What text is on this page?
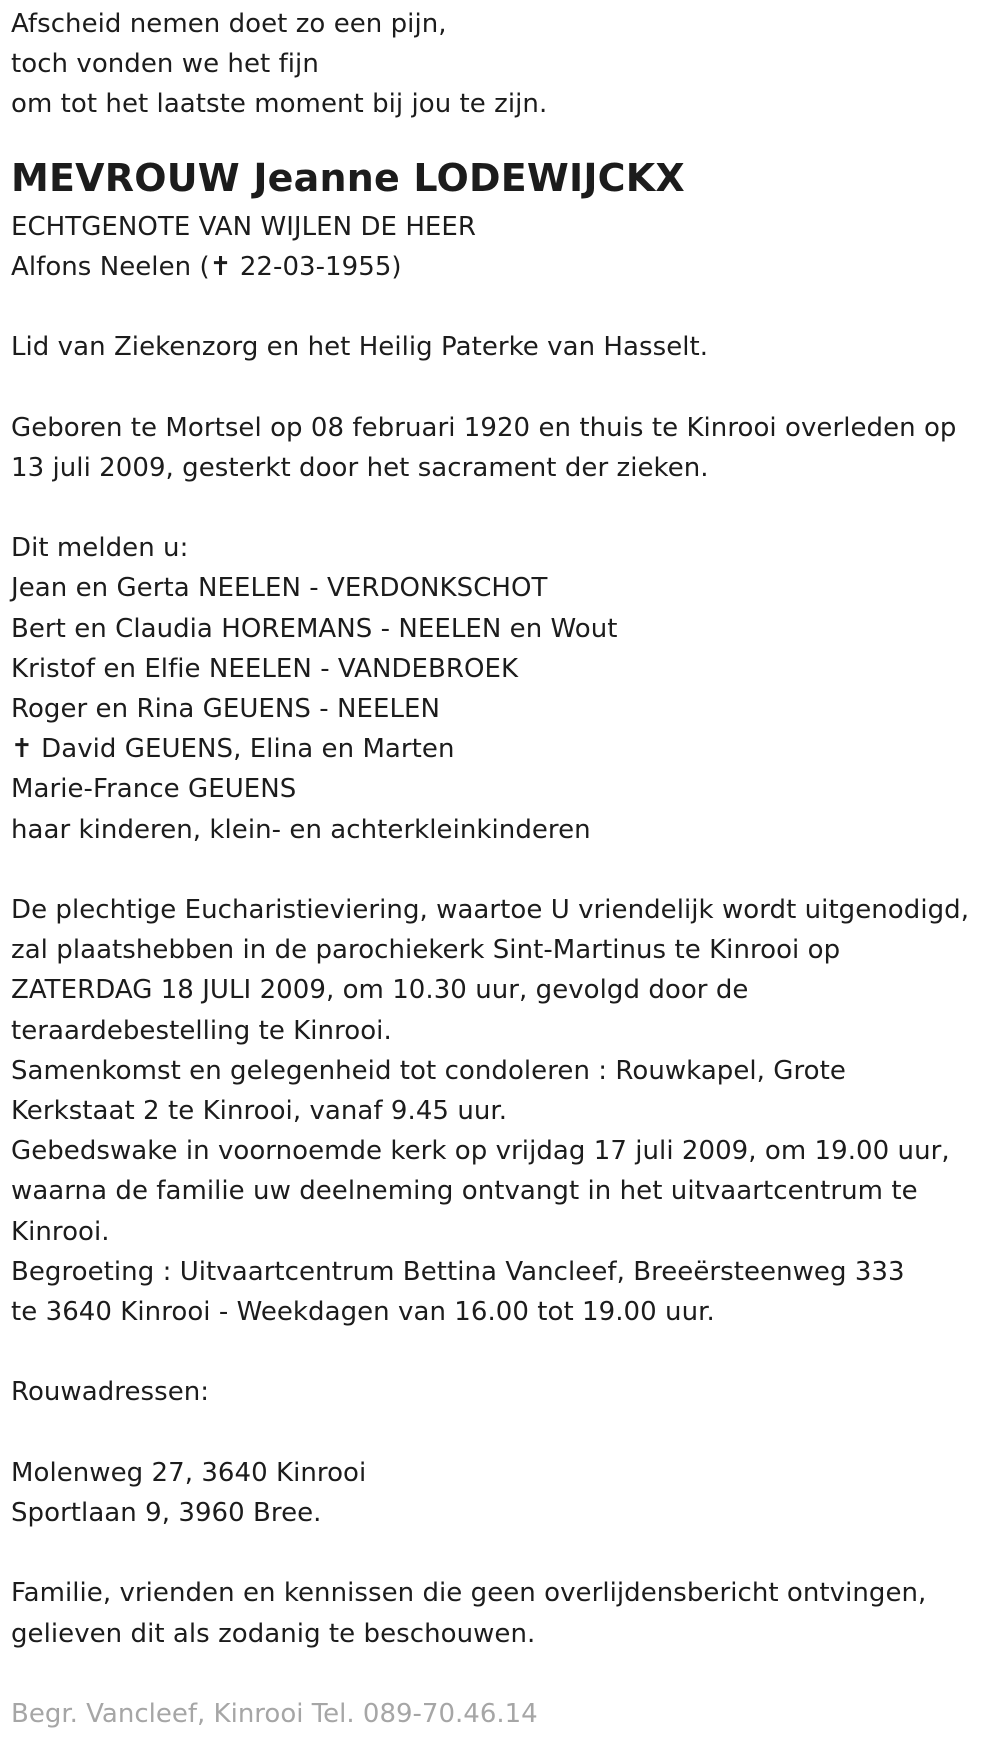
Afscheid nemen doet zo een pijn,
toch vonden we het fijn
om tot het laatste moment bij jou te zijn.
MEVROUW Jeanne LODEWIJCKX
ECHTGENOTE VAN WIJLEN DE HEER
Alfons Neelen (✝ 22-03-1955)
Lid van Ziekenzorg en het Heilig Paterke van Hasselt.
Geboren te Mortsel op 08 februari 1920 en thuis te Kinrooi overleden op
13 juli 2009, gesterkt door het sacrament der zieken.
Dit melden u:
Jean en Gerta NEELEN - VERDONKSCHOT
Bert en Claudia HOREMANS - NEELEN en Wout
Kristof en Elfie NEELEN - VANDEBROEK
Roger en Rina GEUENS - NEELEN
✝ David GEUENS, Elina en Marten
Marie-France GEUENS
haar kinderen, klein- en achterkleinkinderen
De plechtige Eucharistieviering, waartoe U vriendelijk wordt uitgenodigd,
zal plaatshebben in de parochiekerk Sint-Martinus te Kinrooi op
ZATERDAG 18 JULI 2009, om 10.30 uur, gevolgd door de
teraardebestelling te Kinrooi.
Samenkomst en gelegenheid tot condoleren : Rouwkapel, Grote
Kerkstaat 2 te Kinrooi, vanaf 9.45 uur.
Gebedswake in voornoemde kerk op vrijdag 17 juli 2009, om 19.00 uur,
waarna de familie uw deelneming ontvangt in het uitvaartcentrum te
Kinrooi.
Begroeting : Uitvaartcentrum Bettina Vancleef, Breeërsteenweg 333
te 3640 Kinrooi - Weekdagen van 16.00 tot 19.00 uur.
Rouwadressen:
Molenweg 27, 3640 Kinrooi
Sportlaan 9, 3960 Bree.
Familie, vrienden en kennissen die geen overlijdensbericht ontvingen,
gelieven dit als zodanig te beschouwen.
Begr. Vancleef, Kinrooi Tel. 089-70.46.14
